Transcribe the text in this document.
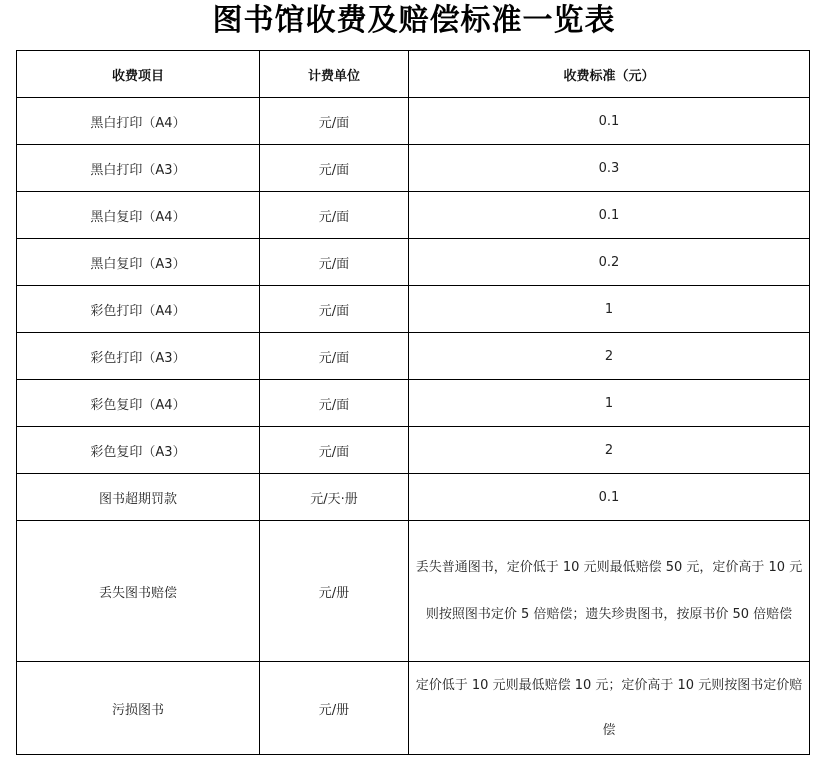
图书馆收费及赔偿标准一览表
收费项目	计费单位	收费标准（元）
黑白打印（A4）	元/面	0.1
黑白打印（A3）	元/面	0.3
黑白复印（A4）	元/面	0.1
黑白复印（A3）	元/面	0.2
彩色打印（A4）	元/面	1
彩色打印（A3）	元/面	2
彩色复印（A4）	元/面	1
彩色复印（A3）	元/面	2
图书超期罚款	元/天·册	0.1
丢失图书赔偿	元/册	丢失普通图书，定价低于 10 元则最低赔偿 50 元，定价高于 10 元则按照图书定价 5 倍赔偿；遗失珍贵图书，按原书价 50 倍赔偿
污损图书	元/册	定价低于 10 元则最低赔偿 10 元；定价高于 10 元则按图书定价赔偿
